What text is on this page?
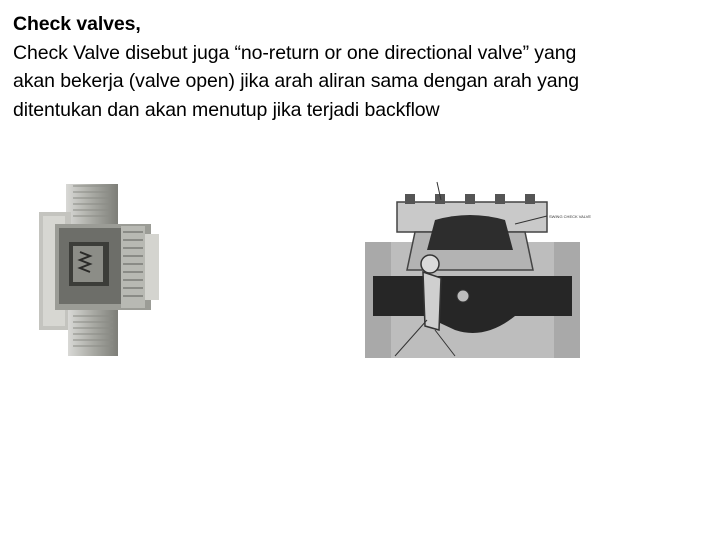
Check valves,
Check Valve disebut juga “no-return or one directional valve” yang
akan bekerja (valve open) jika arah aliran sama dengan arah yang
ditentukan dan akan menutup jika terjadi backflow
SWING CHECK VALVE
